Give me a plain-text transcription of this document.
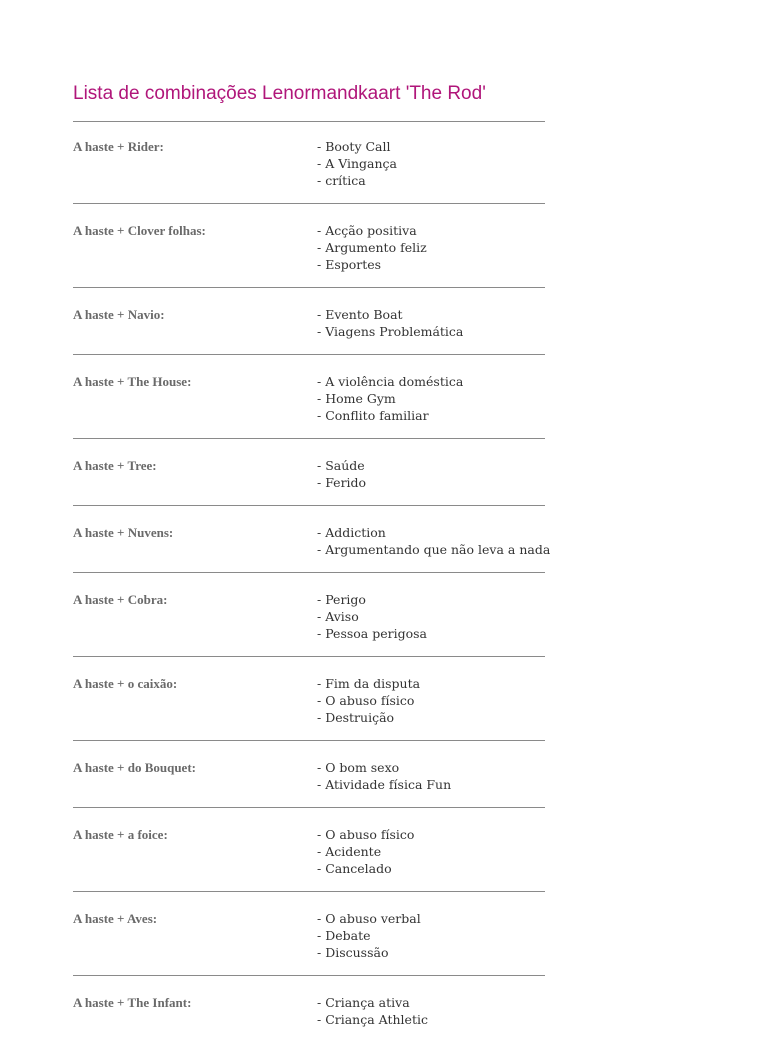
Lista de combinações Lenormandkaart 'The Rod'
A haste + Rider:	- Booty Call
- A Vingança
- crítica
A haste + Clover folhas:	- Acção positiva
- Argumento feliz
- Esportes
A haste + Navio:	- Evento Boat
- Viagens Problemática
A haste + The House:	- A violência doméstica
- Home Gym
- Conflito familiar
A haste + Tree:	- Saúde
- Ferido
A haste + Nuvens:	- Addiction
- Argumentando que não leva a nada
A haste + Cobra:	- Perigo
- Aviso
- Pessoa perigosa
A haste + o caixão:	- Fim da disputa
- O abuso físico
- Destruição
A haste + do Bouquet:	- O bom sexo
- Atividade física Fun
A haste + a foice:	- O abuso físico
- Acidente
- Cancelado
A haste + Aves:	- O abuso verbal
- Debate
- Discussão
A haste + The Infant:	- Criança ativa
- Criança Athletic
